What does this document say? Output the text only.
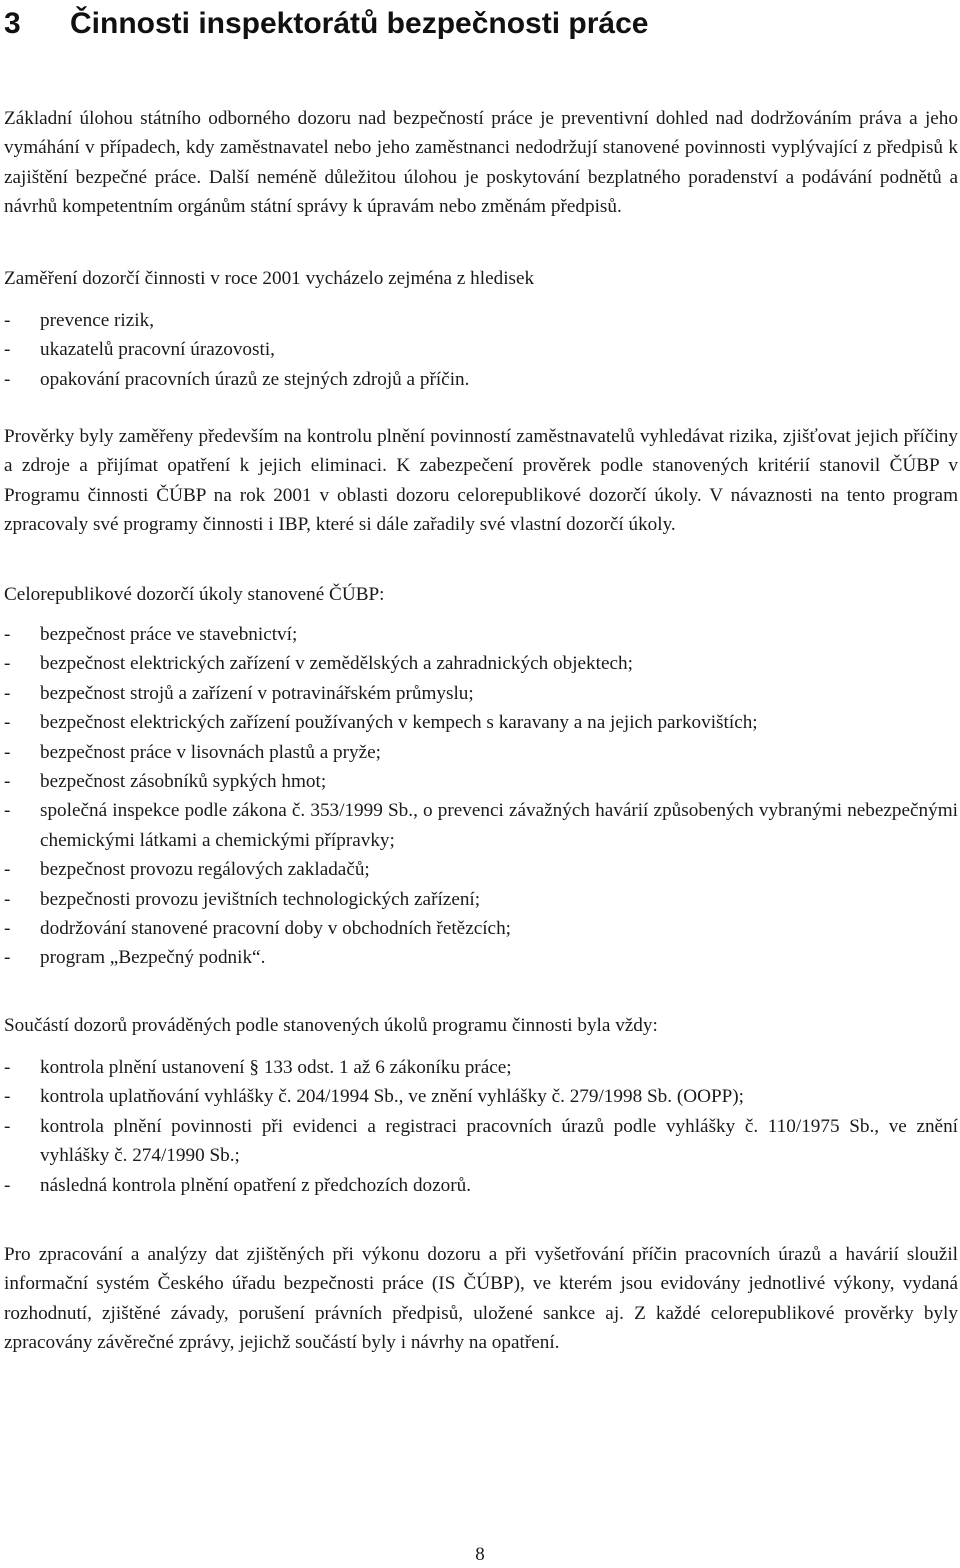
3 Činnosti inspektorátů bezpečnosti práce

Základní úlohou státního odborného dozoru nad bezpečností práce je preventivní dohled nad dodržováním práva a jeho vymáhání v případech, kdy zaměstnavatel nebo jeho zaměstnanci nedodržují stanovené povinnosti vyplývající z předpisů k zajištění bezpečné práce. Další neméně důležitou úlohou je poskytování bezplatného poradenství a podávání podnětů a návrhů kompetentním orgánům státní správy k úpravám nebo změnám předpisů.

Zaměření dozorčí činnosti v roce 2001 vycházelo zejména z hledisek

- prevence rizik,
- ukazatelů pracovní úrazovosti,
- opakování pracovních úrazů ze stejných zdrojů a příčin.

Prověrky byly zaměřeny především na kontrolu plnění povinností zaměstnavatelů vyhledávat rizika, zjišťovat jejich příčiny a zdroje a přijímat opatření k jejich eliminaci. K zabezpečení prověrek podle stanovených kritérií stanovil ČÚBP v Programu činnosti ČÚBP na rok 2001 v oblasti dozoru celorepublikové dozorčí úkoly. V návaznosti na tento program zpracovaly své programy činnosti i IBP, které si dále zařadily své vlastní dozorčí úkoly.

Celorepublikové dozorčí úkoly stanovené ČÚBP:

- bezpečnost práce ve stavebnictví;
- bezpečnost elektrických zařízení v zemědělských a zahradnických objektech;
- bezpečnost strojů a zařízení v potravinářském průmyslu;
- bezpečnost elektrických zařízení používaných v kempech s karavany a na jejich parkovištích;
- bezpečnost práce v lisovnách plastů a pryže;
- bezpečnost zásobníků sypkých hmot;
- společná inspekce podle zákona č. 353/1999 Sb., o prevenci závažných havárií způsobených vybranými nebezpečnými chemickými látkami a chemickými přípravky;
- bezpečnost provozu regálových zakladačů;
- bezpečnosti provozu jevištních technologických zařízení;
- dodržování stanovené pracovní doby v obchodních řetězcích;
- program „Bezpečný podnik“.

Součástí dozorů prováděných podle stanovených úkolů programu činnosti byla vždy:

- kontrola plnění ustanovení § 133 odst. 1 až 6 zákoníku práce;
- kontrola uplatňování vyhlášky č. 204/1994 Sb., ve znění vyhlášky č. 279/1998 Sb. (OOPP);
- kontrola plnění povinnosti při evidenci a registraci pracovních úrazů podle vyhlášky č. 110/1975 Sb., ve znění vyhlášky č. 274/1990 Sb.;
- následná kontrola plnění opatření z předchozích dozorů.

Pro zpracování a analýzy dat zjištěných při výkonu dozoru a při vyšetřování příčin pracovních úrazů a havárií sloužil informační systém Českého úřadu bezpečnosti práce (IS ČÚBP), ve kterém jsou evidovány jednotlivé výkony, vydaná rozhodnutí, zjištěné závady, porušení právních předpisů, uložené sankce aj. Z každé celorepublikové prověrky byly zpracovány závěrečné zprávy, jejichž součástí byly i návrhy na opatření.

8
